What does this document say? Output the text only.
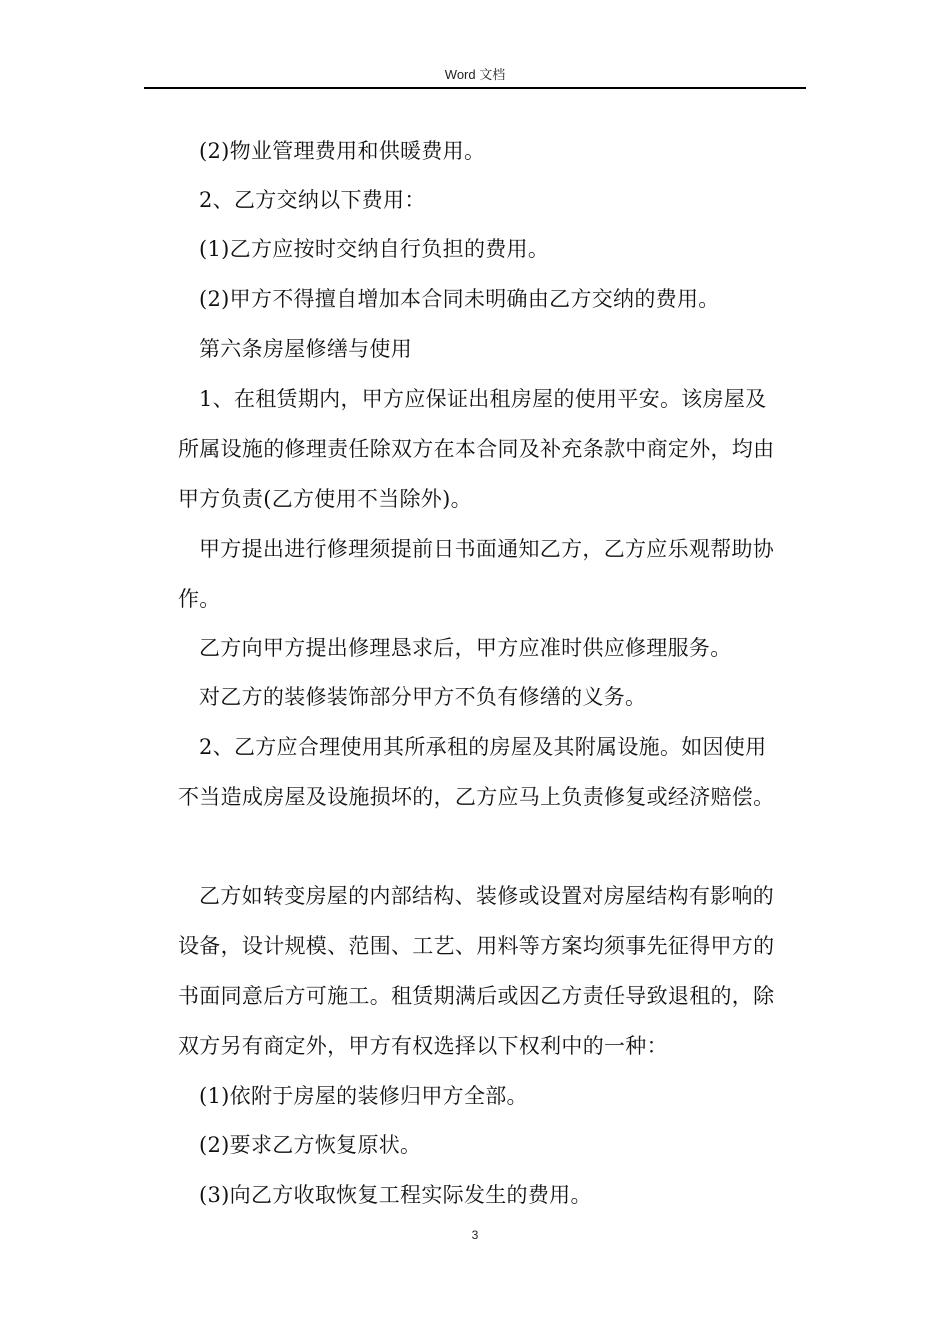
Word 文档
(2)物业管理费用和供暖费用。
2、乙方交纳以下费用：
(1)乙方应按时交纳自行负担的费用。
(2)甲方不得擅自增加本合同未明确由乙方交纳的费用。
第六条房屋修缮与使用
1、在租赁期内，甲方应保证出租房屋的使用平安。该房屋及
所属设施的修理责任除双方在本合同及补充条款中商定外，均由
甲方负责(乙方使用不当除外)。
甲方提出进行修理须提前日书面通知乙方，乙方应乐观帮助协
作。
乙方向甲方提出修理恳求后，甲方应准时供应修理服务。
对乙方的装修装饰部分甲方不负有修缮的义务。
2、乙方应合理使用其所承租的房屋及其附属设施。如因使用
不当造成房屋及设施损坏的，乙方应马上负责修复或经济赔偿。
乙方如转变房屋的内部结构、装修或设置对房屋结构有影响的
设备，设计规模、范围、工艺、用料等方案均须事先征得甲方的
书面同意后方可施工。租赁期满后或因乙方责任导致退租的，除
双方另有商定外，甲方有权选择以下权利中的一种：
(1)依附于房屋的装修归甲方全部。
(2)要求乙方恢复原状。
(3)向乙方收取恢复工程实际发生的费用。
3
